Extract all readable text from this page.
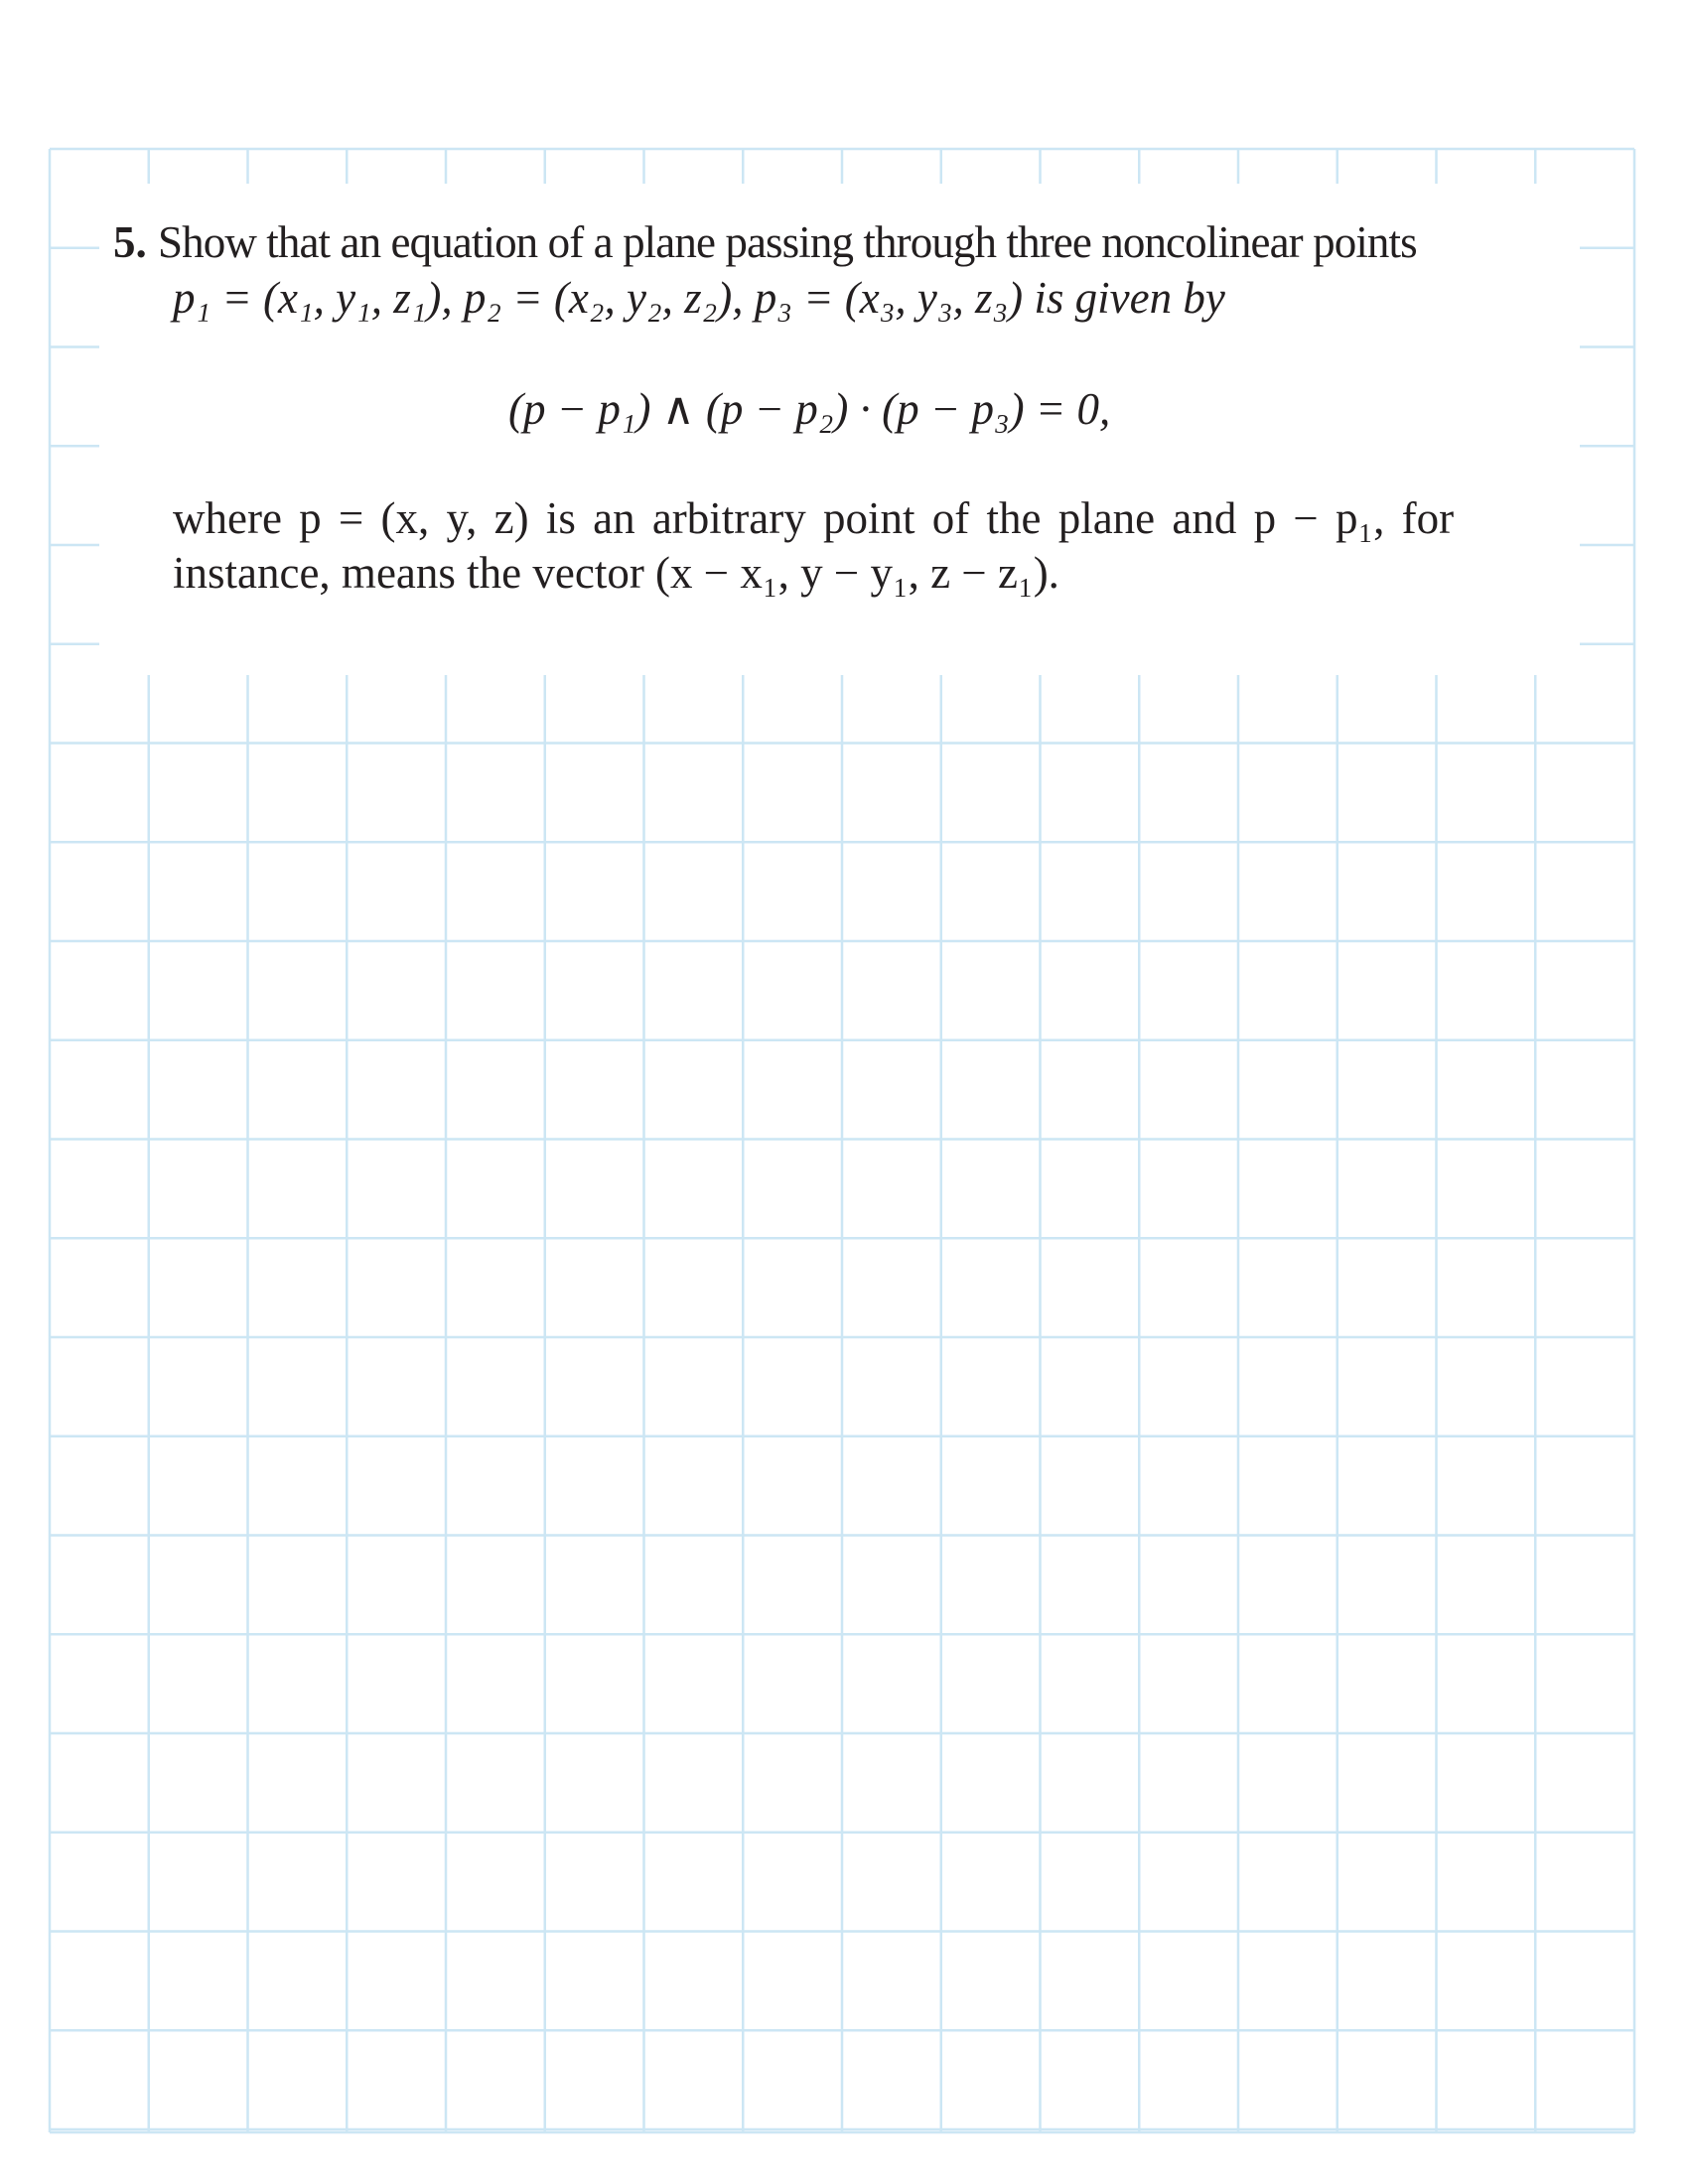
5. Show that an equation of a plane passing through three noncolinear points
p₁ = (x₁, y₁, z₁), p₂ = (x₂, y₂, z₂), p₃ = (x₃, y₃, z₃) is given by
(p − p₁) ∧ (p − p₂) · (p − p₃) = 0,
where p = (x, y, z) is an arbitrary point of the plane and p − p₁, for
instance, means the vector (x − x₁, y − y₁, z − z₁).
